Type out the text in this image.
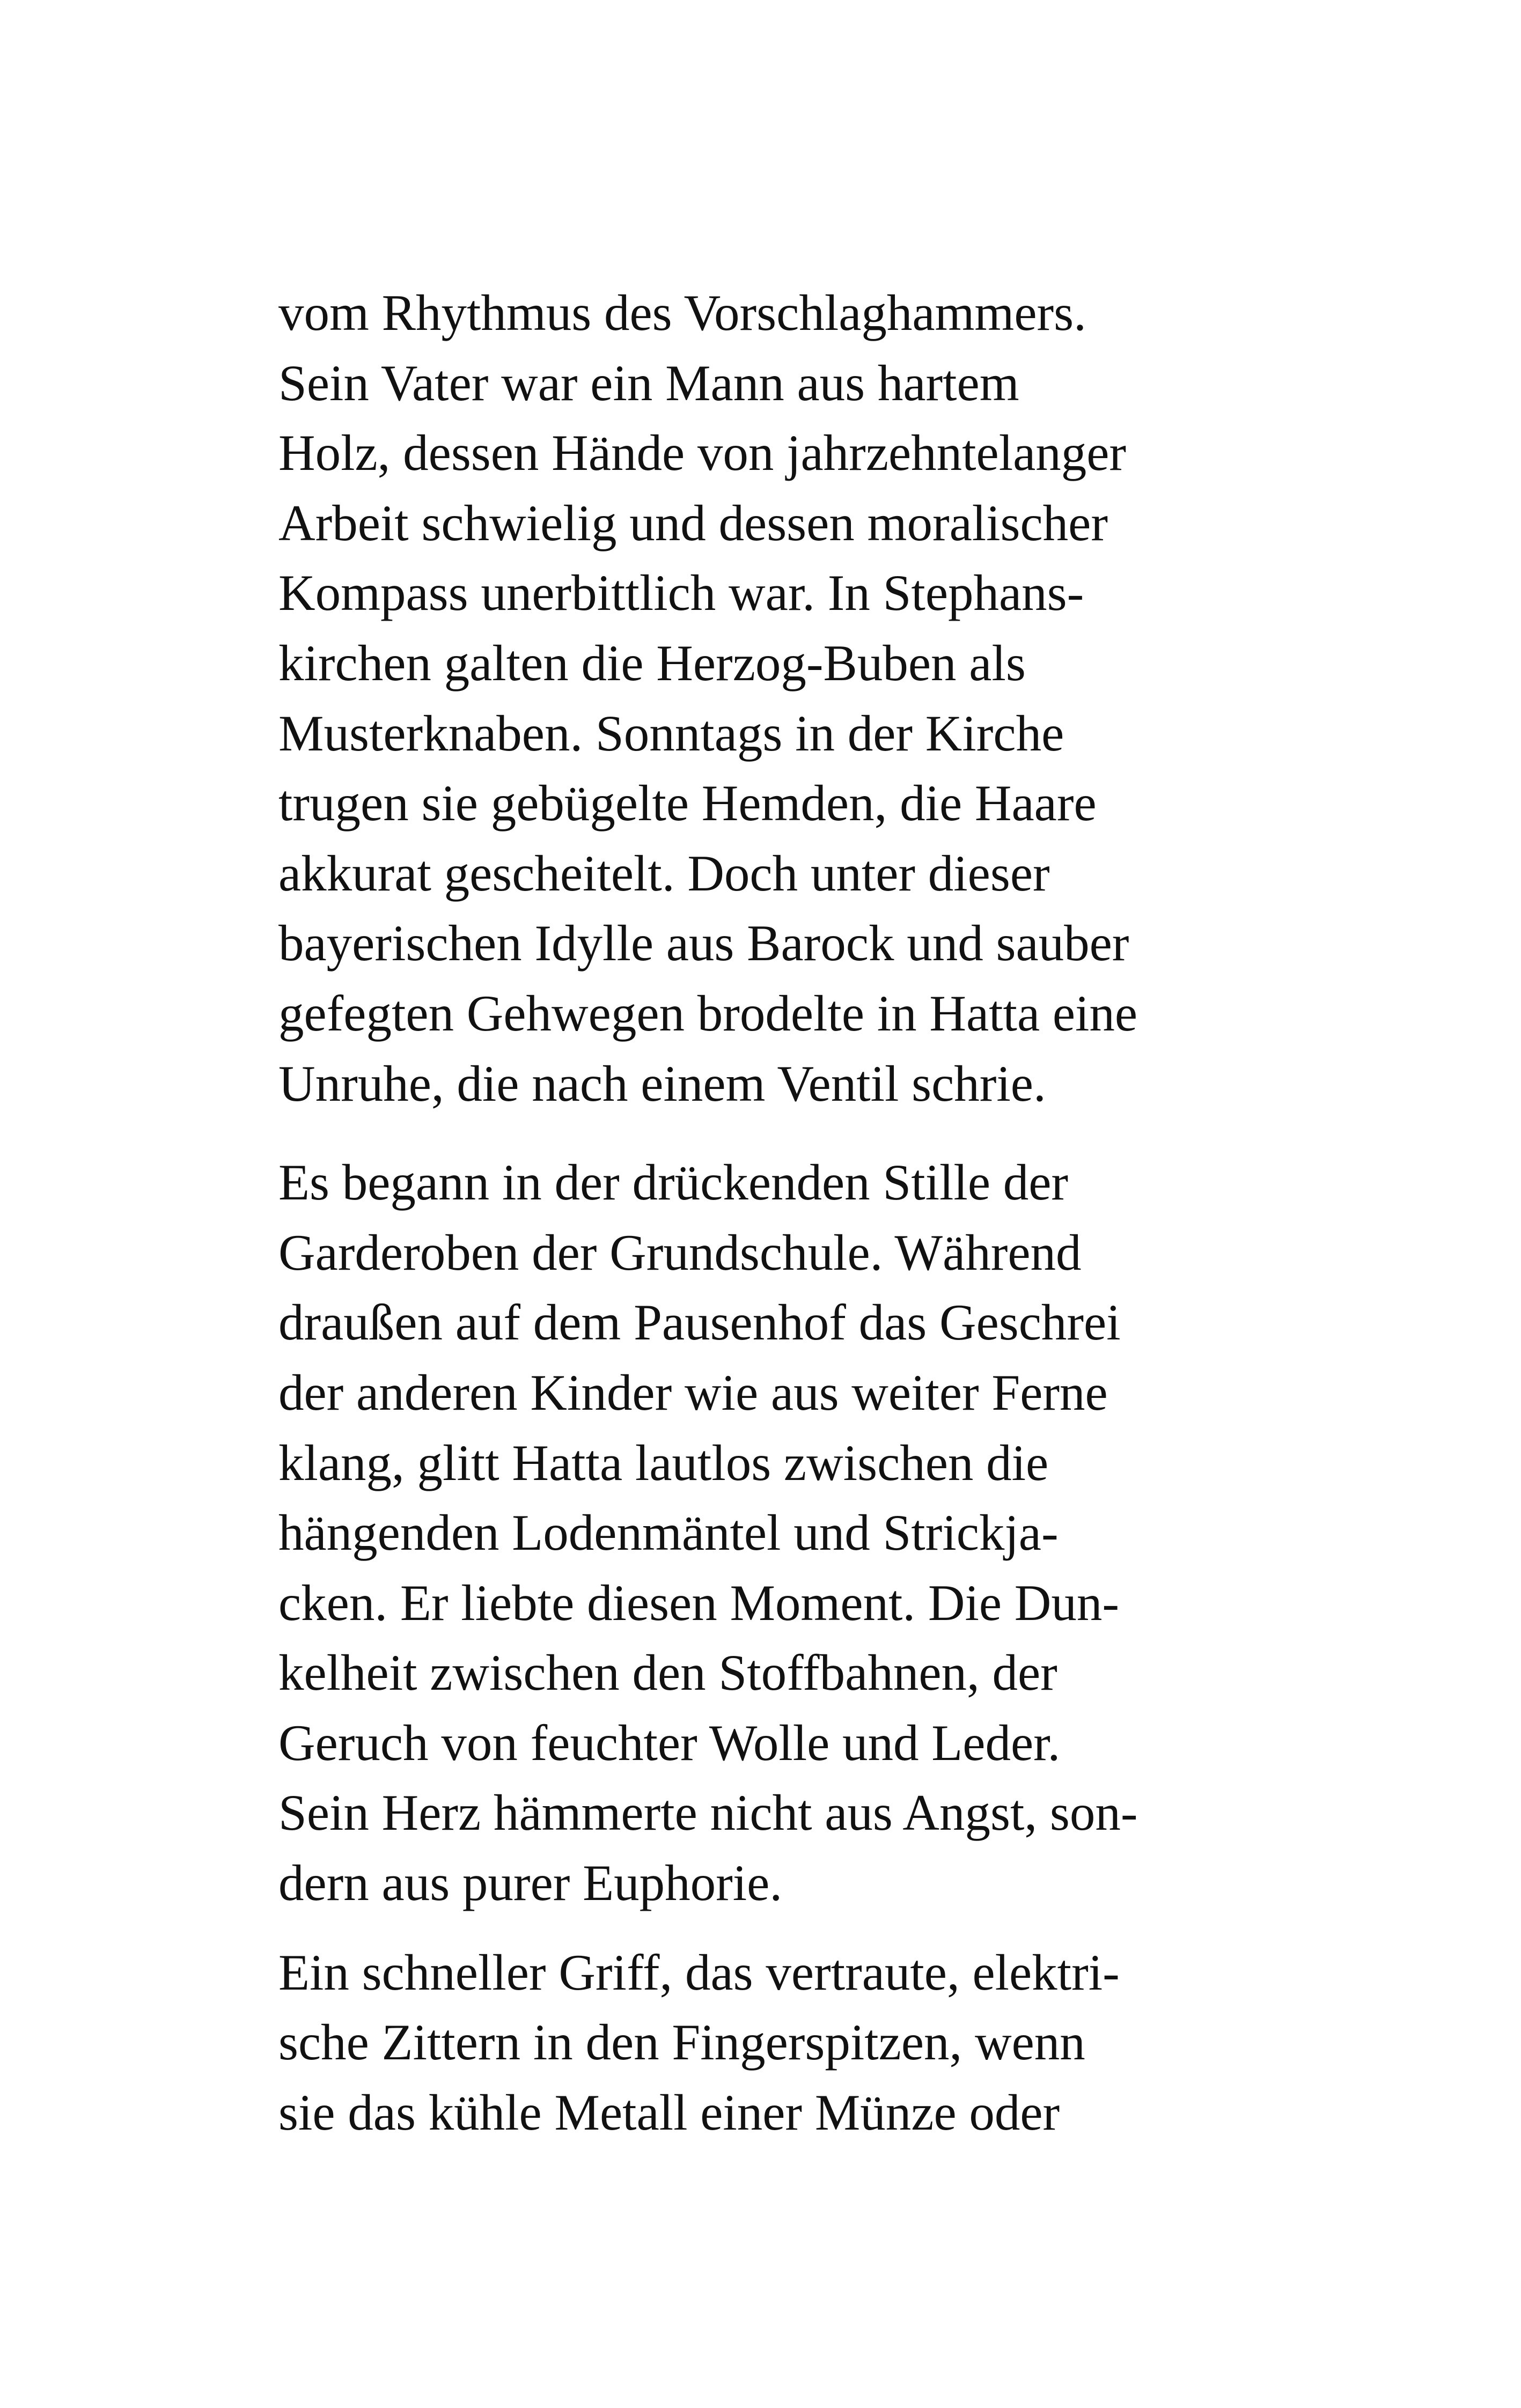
vom Rhythmus des Vorschlaghammers.
Sein Vater war ein Mann aus hartem
Holz, dessen Hände von jahrzehntelanger
Arbeit schwielig und dessen moralischer
Kompass unerbittlich war. In Stephans-
kirchen galten die Herzog-Buben als
Musterknaben. Sonntags in der Kirche
trugen sie gebügelte Hemden, die Haare
akkurat gescheitelt. Doch unter dieser
bayerischen Idylle aus Barock und sauber
gefegten Gehwegen brodelte in Hatta eine
Unruhe, die nach einem Ventil schrie.

Es begann in der drückenden Stille der
Garderoben der Grundschule. Während
draußen auf dem Pausenhof das Geschrei
der anderen Kinder wie aus weiter Ferne
klang, glitt Hatta lautlos zwischen die
hängenden Lodenmäntel und Strickja-
cken. Er liebte diesen Moment. Die Dun-
kelheit zwischen den Stoffbahnen, der
Geruch von feuchter Wolle und Leder.
Sein Herz hämmerte nicht aus Angst, son-
dern aus purer Euphorie.

Ein schneller Griff, das vertraute, elektri-
sche Zittern in den Fingerspitzen, wenn
sie das kühle Metall einer Münze oder
